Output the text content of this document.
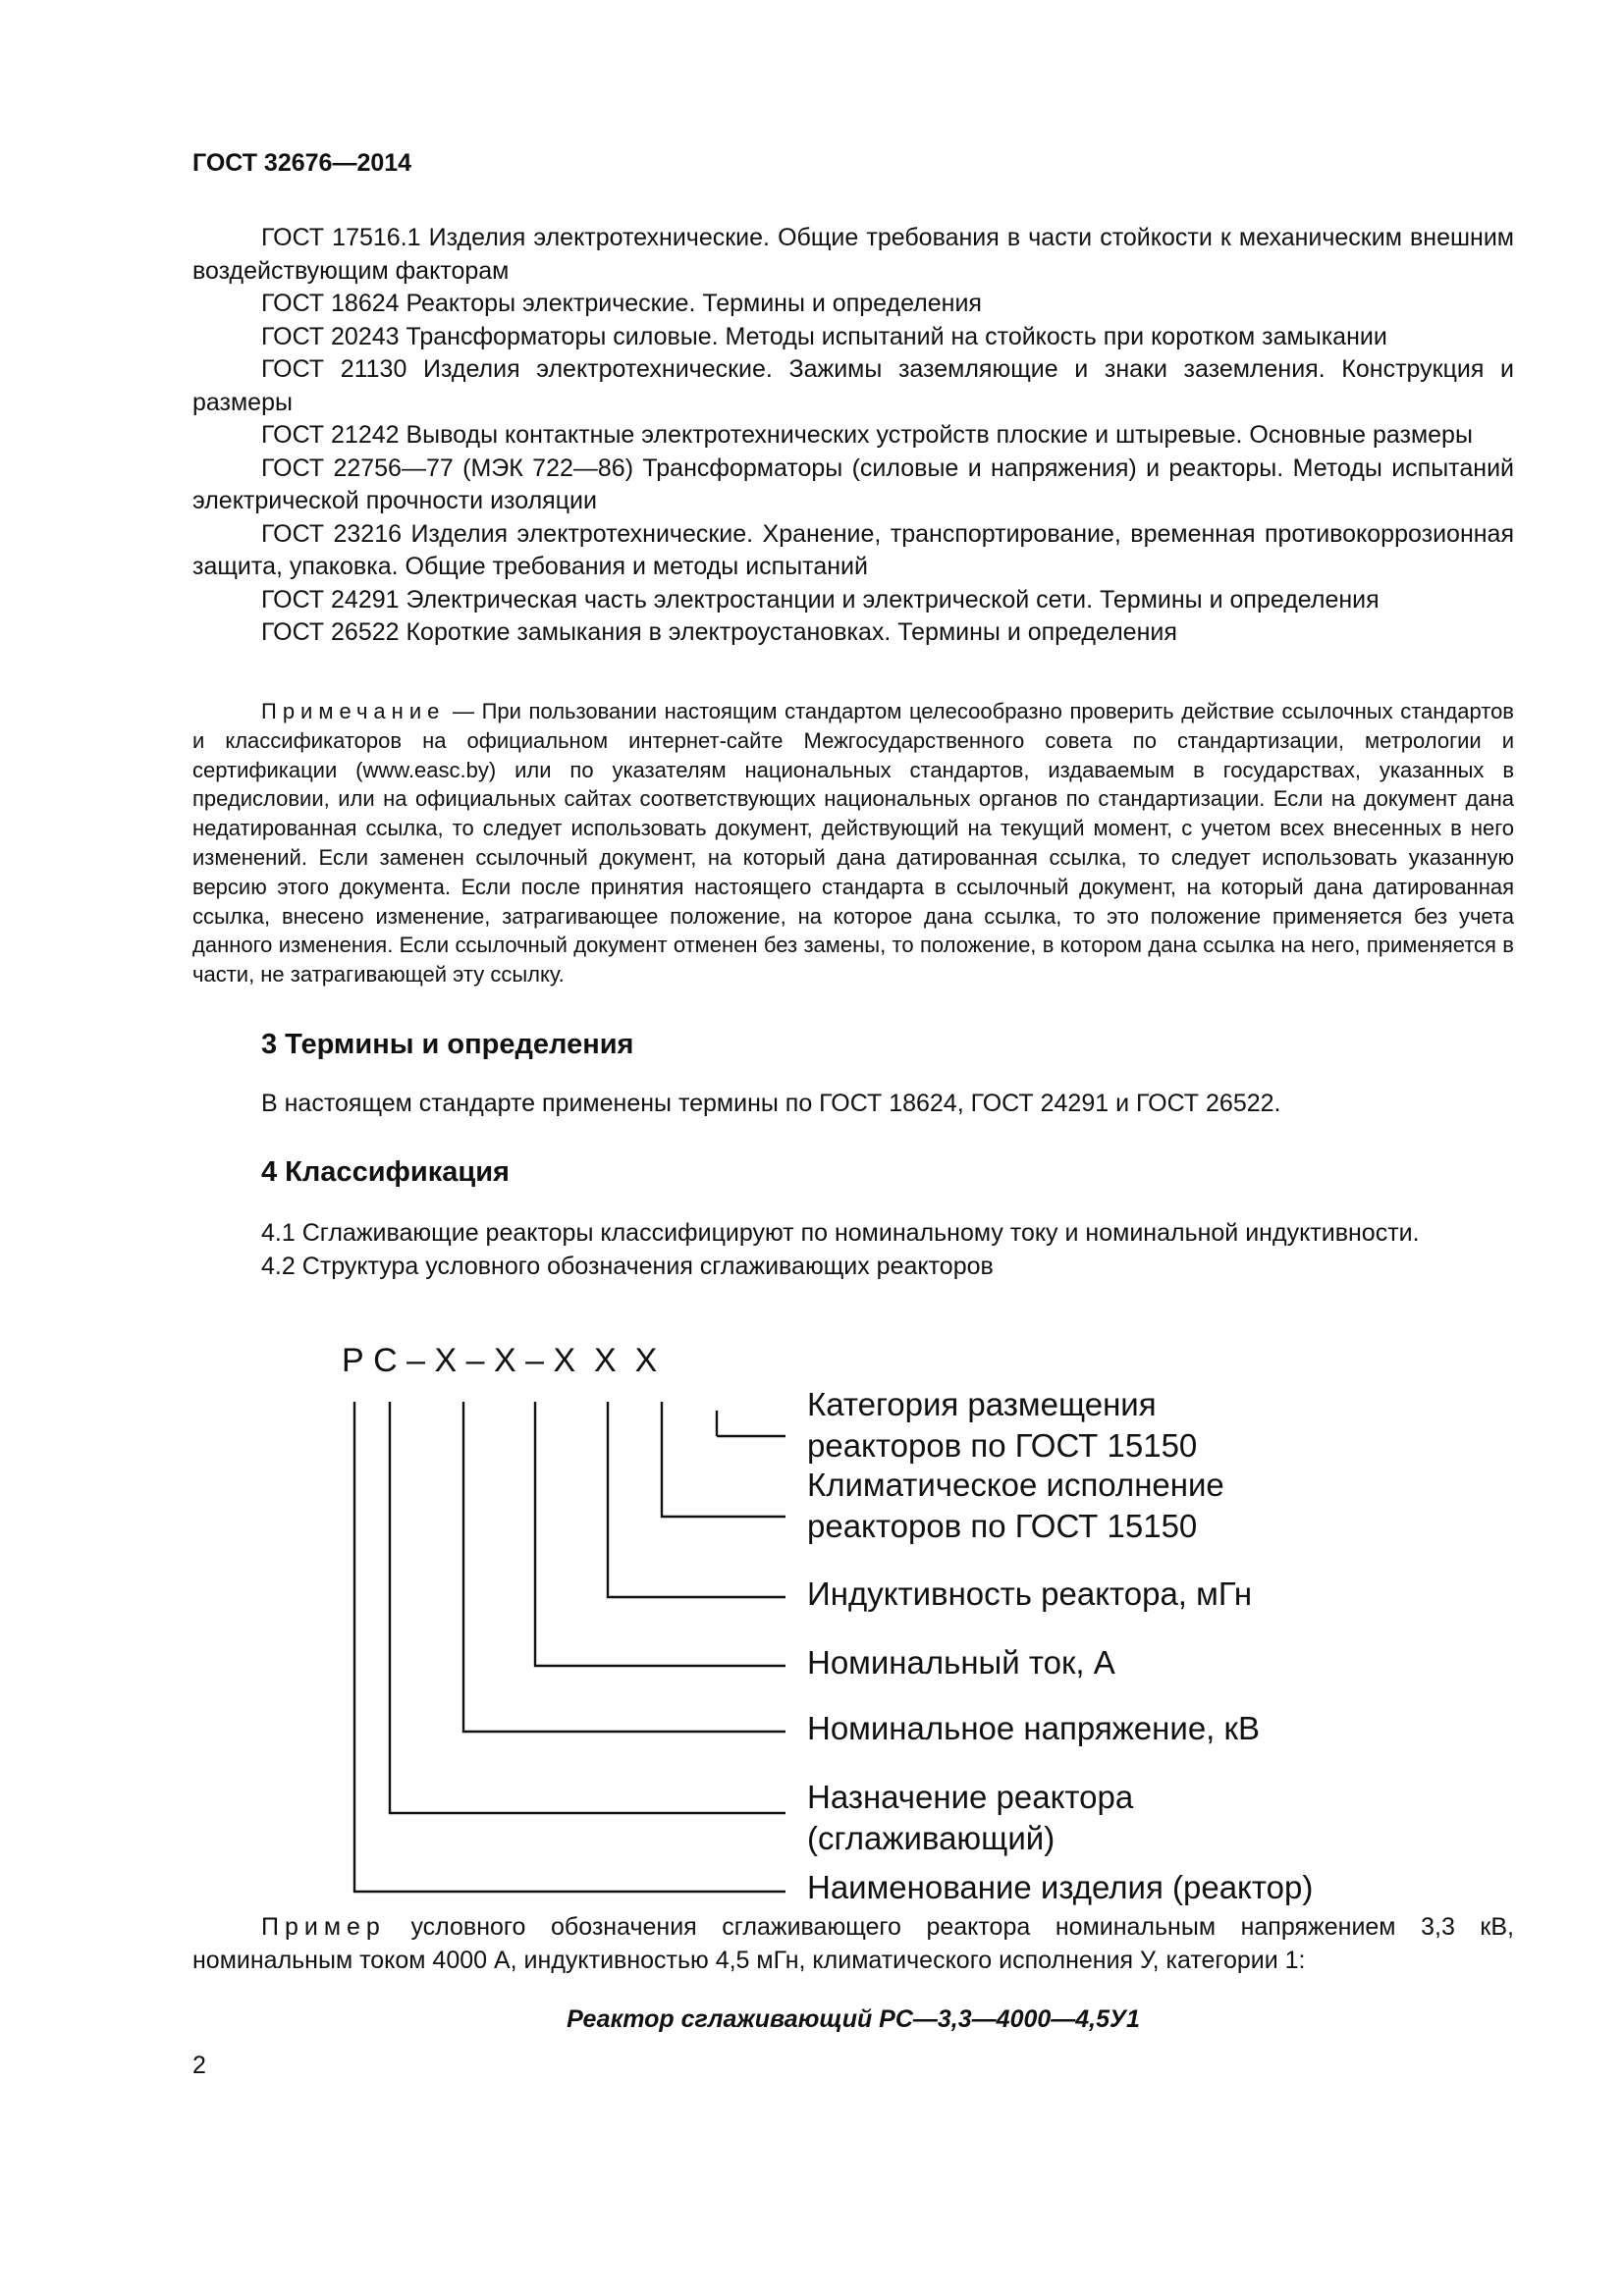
ГОСТ 32676—2014

ГОСТ 17516.1 Изделия электротехнические. Общие требования в части стойкости к механическим внешним воздействующим факторам

ГОСТ 18624 Реакторы электрические. Термины и определения

ГОСТ 20243 Трансформаторы силовые. Методы испытаний на стойкость при коротком замыкании

ГОСТ 21130 Изделия электротехнические. Зажимы заземляющие и знаки заземления. Конструкция и размеры

ГОСТ 21242 Выводы контактные электротехнических устройств плоские и штыревые. Основные размеры

ГОСТ 22756—77 (МЭК 722—86) Трансформаторы (силовые и напряжения) и реакторы. Методы испытаний электрической прочности изоляции

ГОСТ 23216 Изделия электротехнические. Хранение, транспортирование, временная противокоррозионная защита, упаковка. Общие требования и методы испытаний

ГОСТ 24291 Электрическая часть электростанции и электрической сети. Термины и определения

ГОСТ 26522 Короткие замыкания в электроустановках. Термины и определения

Примечание — При пользовании настоящим стандартом целесообразно проверить действие ссылочных стандартов и классификаторов на официальном интернет-сайте Межгосударственного совета по стандартизации, метрологии и сертификации (www.easc.by) или по указателям национальных стандартов, издаваемым в государствах, указанных в предисловии, или на официальных сайтах соответствующих национальных органов по стандартизации. Если на документ дана недатированная ссылка, то следует использовать документ, действующий на текущий момент, с учетом всех внесенных в него изменений. Если заменен ссылочный документ, на который дана датированная ссылка, то следует использовать указанную версию этого документа. Если после принятия настоящего стандарта в ссылочный документ, на который дана датированная ссылка, внесено изменение, затрагивающее положение, на которое дана ссылка, то это положение применяется без учета данного изменения. Если ссылочный документ отменен без замены, то положение, в котором дана ссылка на него, применяется в части, не затрагивающей эту ссылку.

3 Термины и определения

В настоящем стандарте применены термины по ГОСТ 18624, ГОСТ 24291 и ГОСТ 26522.

4 Классификация

4.1 Сглаживающие реакторы классифицируют по номинальному току и номинальной индуктивности.

4.2 Структура условного обозначения сглаживающих реакторов

Р С – Х – Х – Х  Х  Х
Категория размещения
реакторов по ГОСТ 15150
Климатическое исполнение
реакторов по ГОСТ 15150
Индуктивность реактора, мГн
Номинальный ток, А
Номинальное напряжение, кВ
Назначение реактора
(сглаживающий)
Наименование изделия (реактор)

Пример условного обозначения сглаживающего реактора номинальным напряжением 3,3 кВ, номинальным током 4000 А, индуктивностью 4,5 мГн, климатического исполнения У, категории 1:

Реактор сглаживающий РС—3,3—4000—4,5У1
2
